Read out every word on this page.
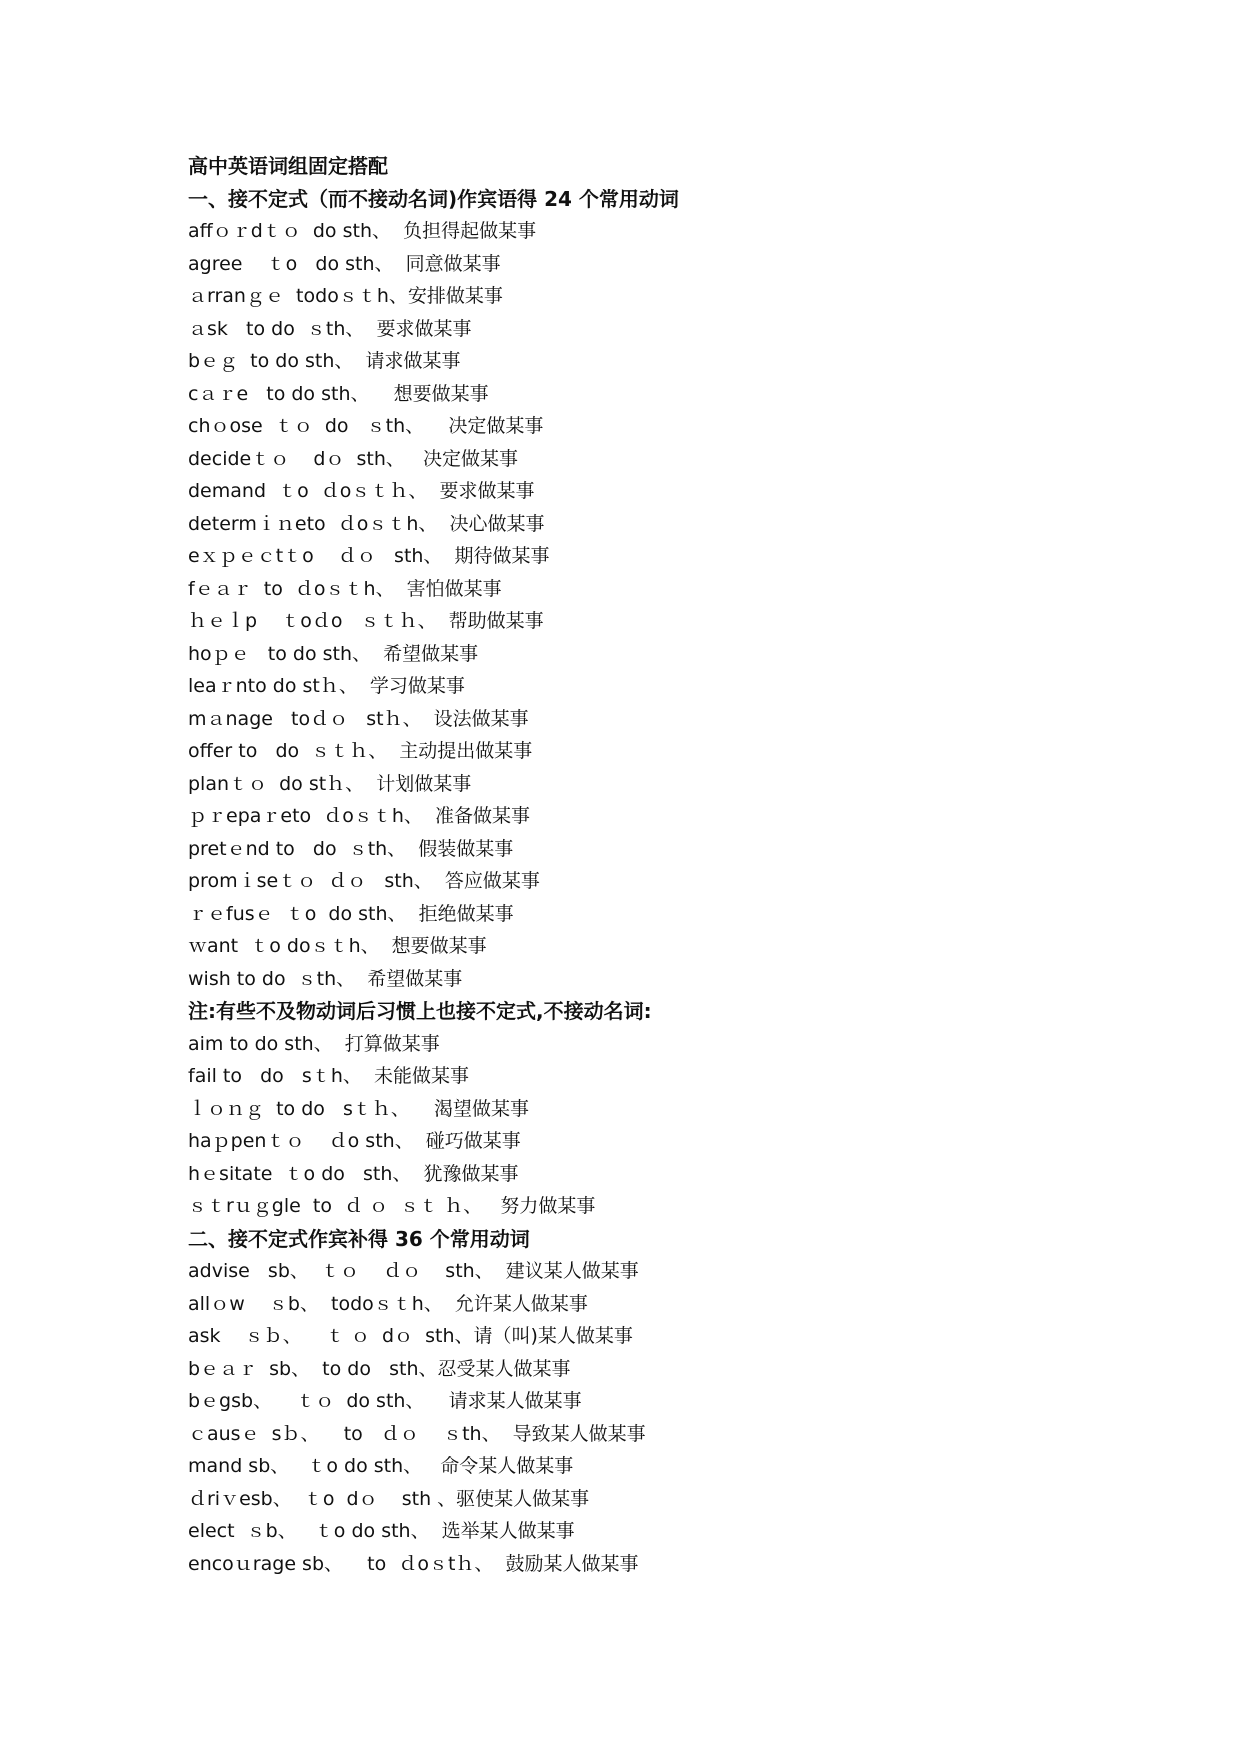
高中英语词组固定搭配
一、接不定式（而不接动名词)作宾语得 24 个常用动词
affｏｒdｔｏ  do sth、  负担得起做某事
agree    ｔo   do sth、  同意做某事
ａrranｇｅ  todoｓｔh、安排做某事
ａsk   to do  ｓth、  要求做某事
bｅｇ  to do sth、  请求做某事
cａｒe   to do sth、    想要做某事
chｏose  ｔｏ  do   ｓth、    决定做某事
decideｔｏ    dｏ  sth、   决定做某事
demand  ｔo  ｄoｓｔｈ、  要求做某事
determｉｎeto  ｄoｓｔh、  决心做某事
eｘｐｅｃtｔo    ｄｏ   sth、  期待做某事
fｅａｒ  to  ｄoｓｔh、  害怕做某事
ｈｅｌp    ｔoｄo   ｓｔｈ、  帮助做某事
hoｐｅ   to do sth、  希望做某事
leaｒnto do stｈ、  学习做某事
mａnage   toｄｏ   stｈ、  设法做某事
offer to   do  ｓｔｈ、  主动提出做某事
planｔｏ  do stｈ、  计划做某事
ｐｒepaｒeto  ｄoｓｔh、  准备做某事
pretｅnd to   do  ｓth、  假装做某事
promｉseｔｏ  ｄｏ   sth、  答应做某事
ｒｅfusｅ  ｔo  do sth、  拒绝做某事
ｗant  ｔo doｓｔh、  想要做某事
wish to do  ｓth、  希望做某事
注:有些不及物动词后习惯上也接不定式,不接动名词:
aim to do sth、  打算做某事
fail to   do   sｔh、  未能做某事
ｌｏｎｇ  to do   sｔｈ、    渴望做某事
haｐpenｔｏ    ｄo sth、  碰巧做某事
hｅsitate  ｔo do   sth、  犹豫做某事
ｓｔrｕｇgle  to  ｄ ｏ  ｓｔ ｈ、   努力做某事
二、接不定式作宾补得 36 个常用动词
advise   sb、  ｔｏ    ｄｏ    sth、  建议某人做某事
allｏw    ｓb、  todoｓｔh、  允许某人做某事
ask    ｓｂ、    ｔ ｏ  dｏ  sth、请（叫)某人做某事
bｅａｒ  sb、  to do   sth、忍受某人做某事
bｅgsb、    ｔｏ  do sth、    请求某人做某事
ｃausｅ  sｂ、    to   ｄｏ    ｓth、  导致某人做某事
mand sb、   ｔo do sth、   命令某人做某事
ｄriｖesb、  ｔo  dｏ    sth 、驱使某人做某事
elect  ｓb、   ｔo do sth、  选举某人做某事
encoｕrage sb、    to  ｄoｓtｈ、  鼓励某人做某事
